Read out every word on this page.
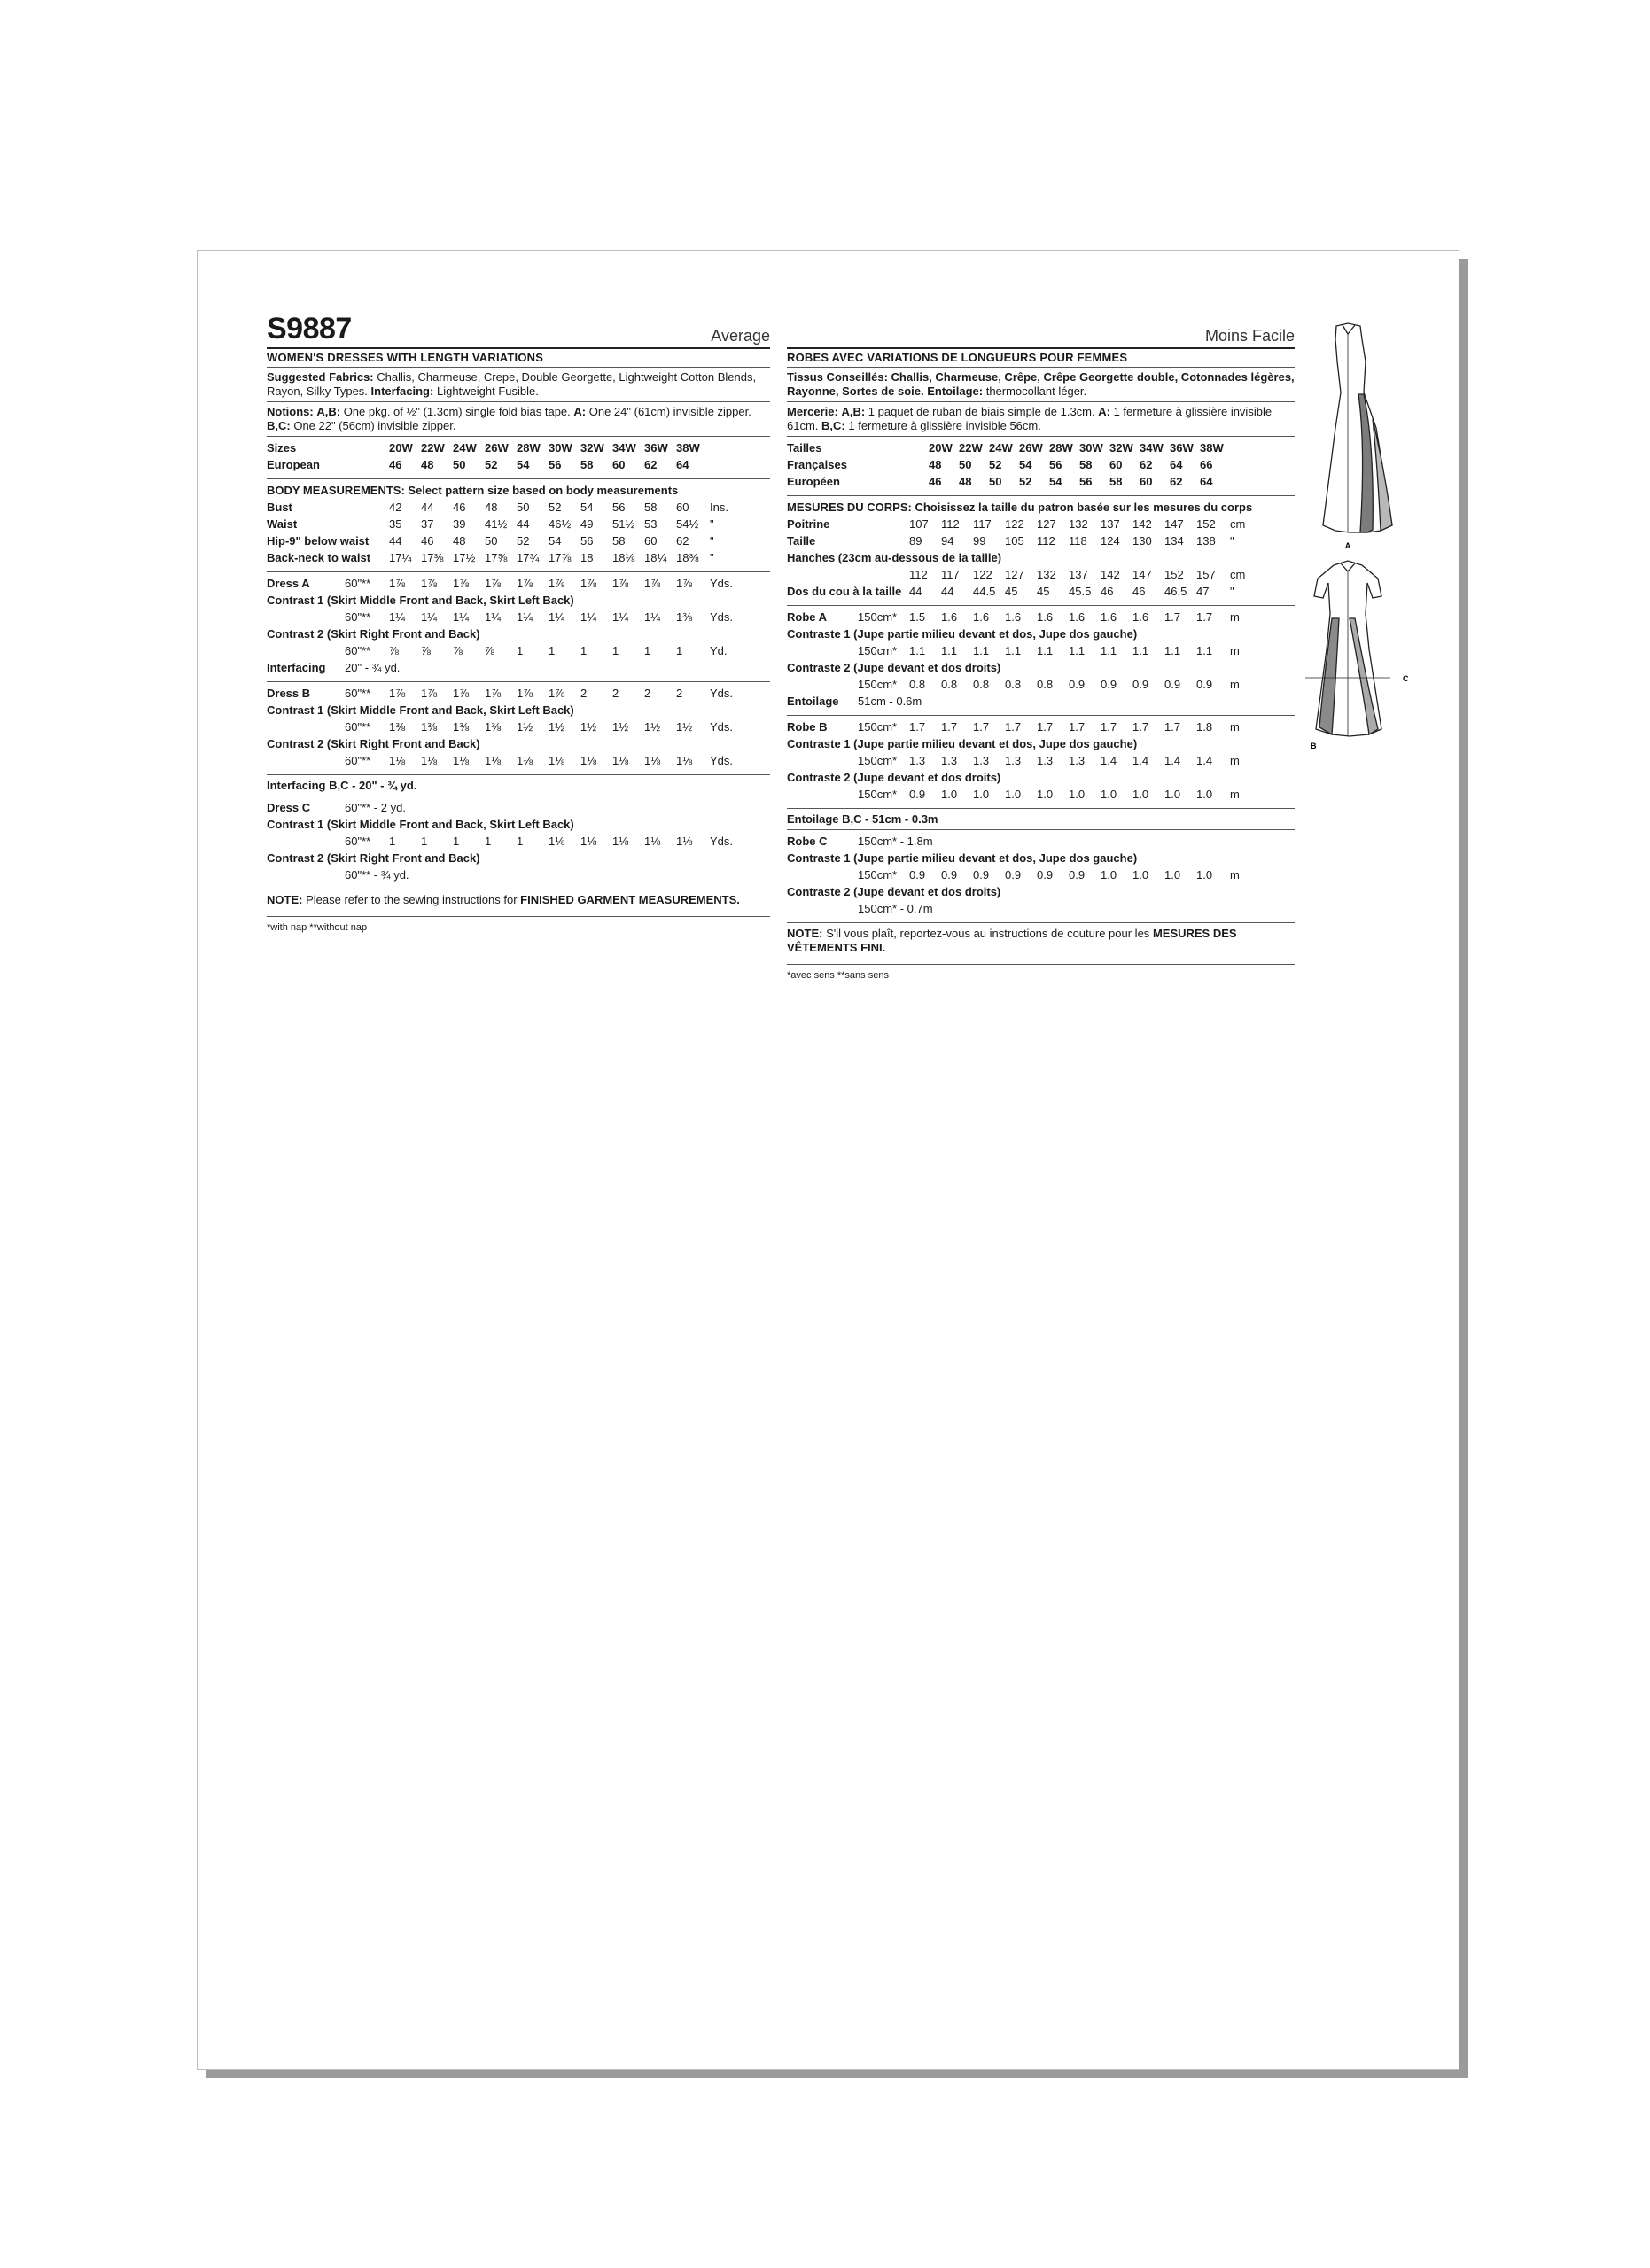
S9887	Average
WOMEN'S DRESSES WITH LENGTH VARIATIONS
Suggested Fabrics: Challis, Charmeuse, Crepe, Double Georgette, Lightweight Cotton Blends, Rayon, Silky Types. Interfacing: Lightweight Fusible.
Notions: A,B: One pkg. of ½" (1.3cm) single fold bias tape. A: One 24" (61cm) invisible zipper.
B,C: One 22" (56cm) invisible zipper.
Sizes	20W	22W	24W	26W	28W	30W	32W	34W	36W	38W	
European	46	48	50	52	54	56	58	60	62	64	
BODY MEASUREMENTS: Select pattern size based on body measurements
Bust	42	44	46	48	50	52	54	56	58	60	Ins.
Waist	35	37	39	41½	44	46½	49	51½	53	54½	"
Hip-9" below waist	44	46	48	50	52	54	56	58	60	62	"
Back-neck to waist	17¼	17⅜	17½	17⅝	17¾	17⅞	18	18⅛	18¼	18⅜	"
Dress A	60"**	1⅞	1⅞	1⅞	1⅞	1⅞	1⅞	1⅞	1⅞	1⅞	1⅞	Yds.
Contrast 1 (Skirt Middle Front and Back, Skirt Left Back)												
	60"**	1¼	1¼	1¼	1¼	1¼	1¼	1¼	1¼	1¼	1⅜	Yds.
Contrast 2 (Skirt Right Front and Back)												
	60"**	⅞	⅞	⅞	⅞	1	1	1	1	1	1	Yd.
Interfacing	20" - ¾ yd.											
Dress B	60"**	1⅞	1⅞	1⅞	1⅞	1⅞	1⅞	2	2	2	2	Yds.
Contrast 1 (Skirt Middle Front and Back, Skirt Left Back)												
	60"**	1⅜	1⅜	1⅜	1⅜	1½	1½	1½	1½	1½	1½	Yds.
Contrast 2 (Skirt Right Front and Back)												
	60"**	1⅛	1⅛	1⅛	1⅛	1⅛	1⅛	1⅛	1⅛	1⅛	1⅛	Yds.
Interfacing B,C - 20" - ¾ yd.
Dress C	60"** - 2 yd.											
Contrast 1 (Skirt Middle Front and Back, Skirt Left Back)												
	60"**	1	1	1	1	1	1⅛	1⅛	1⅛	1⅛	1⅛	Yds.
Contrast 2 (Skirt Right Front and Back)												
	60"** - ¾ yd.											
NOTE: Please refer to the sewing instructions for FINISHED GARMENT MEASUREMENTS.
*with nap **without nap
Moins Facile
ROBES AVEC VARIATIONS DE LONGUEURS POUR FEMMES
Tissus Conseillés: Challis, Charmeuse, Crêpe, Crêpe Georgette double, Cotonnades légères, Rayonne, Sortes de soie. Entoilage: thermocollant léger.
Mercerie: A,B: 1 paquet de ruban de biais simple de 1.3cm. A: 1 fermeture à glissière invisible 61cm. B,C: 1 fermeture à glissière invisible 56cm.
Tailles	20W	22W	24W	26W	28W	30W	32W	34W	36W	38W	
Françaises	48	50	52	54	56	58	60	62	64	66	
Européen	46	48	50	52	54	56	58	60	62	64	
MESURES DU CORPS: Choisissez la taille du patron basée sur les mesures du corps
Poitrine	107	112	117	122	127	132	137	142	147	152	cm
Taille	89	94	99	105	112	118	124	130	134	138	"
Hanches (23cm au-dessous de la taille)											
	112	117	122	127	132	137	142	147	152	157	cm
Dos du cou à la taille	44	44	44.5	45	45	45.5	46	46	46.5	47	"
Robe A	150cm*	1.5	1.6	1.6	1.6	1.6	1.6	1.6	1.6	1.7	1.7	m
Contraste 1 (Jupe partie milieu devant et dos, Jupe dos gauche)												
	150cm*	1.1	1.1	1.1	1.1	1.1	1.1	1.1	1.1	1.1	1.1	m
Contraste 2 (Jupe devant et dos droits)												
	150cm*	0.8	0.8	0.8	0.8	0.8	0.9	0.9	0.9	0.9	0.9	m
Entoilage	51cm - 0.6m											
Robe B	150cm*	1.7	1.7	1.7	1.7	1.7	1.7	1.7	1.7	1.7	1.8	m
Contraste 1 (Jupe partie milieu devant et dos, Jupe dos gauche)												
	150cm*	1.3	1.3	1.3	1.3	1.3	1.3	1.4	1.4	1.4	1.4	m
Contraste 2 (Jupe devant et dos droits)												
	150cm*	0.9	1.0	1.0	1.0	1.0	1.0	1.0	1.0	1.0	1.0	m
Entoilage B,C - 51cm - 0.3m
Robe C	150cm* - 1.8m											
Contraste 1 (Jupe partie milieu devant et dos, Jupe dos gauche)												
	150cm*	0.9	0.9	0.9	0.9	0.9	0.9	1.0	1.0	1.0	1.0	m
Contraste 2 (Jupe devant et dos droits)												
	150cm* - 0.7m											
NOTE: S'il vous plaît, reportez-vous au instructions de couture pour les MESURES DES VÊTEMENTS FINI.
*avec sens **sans sens
A
C
B
